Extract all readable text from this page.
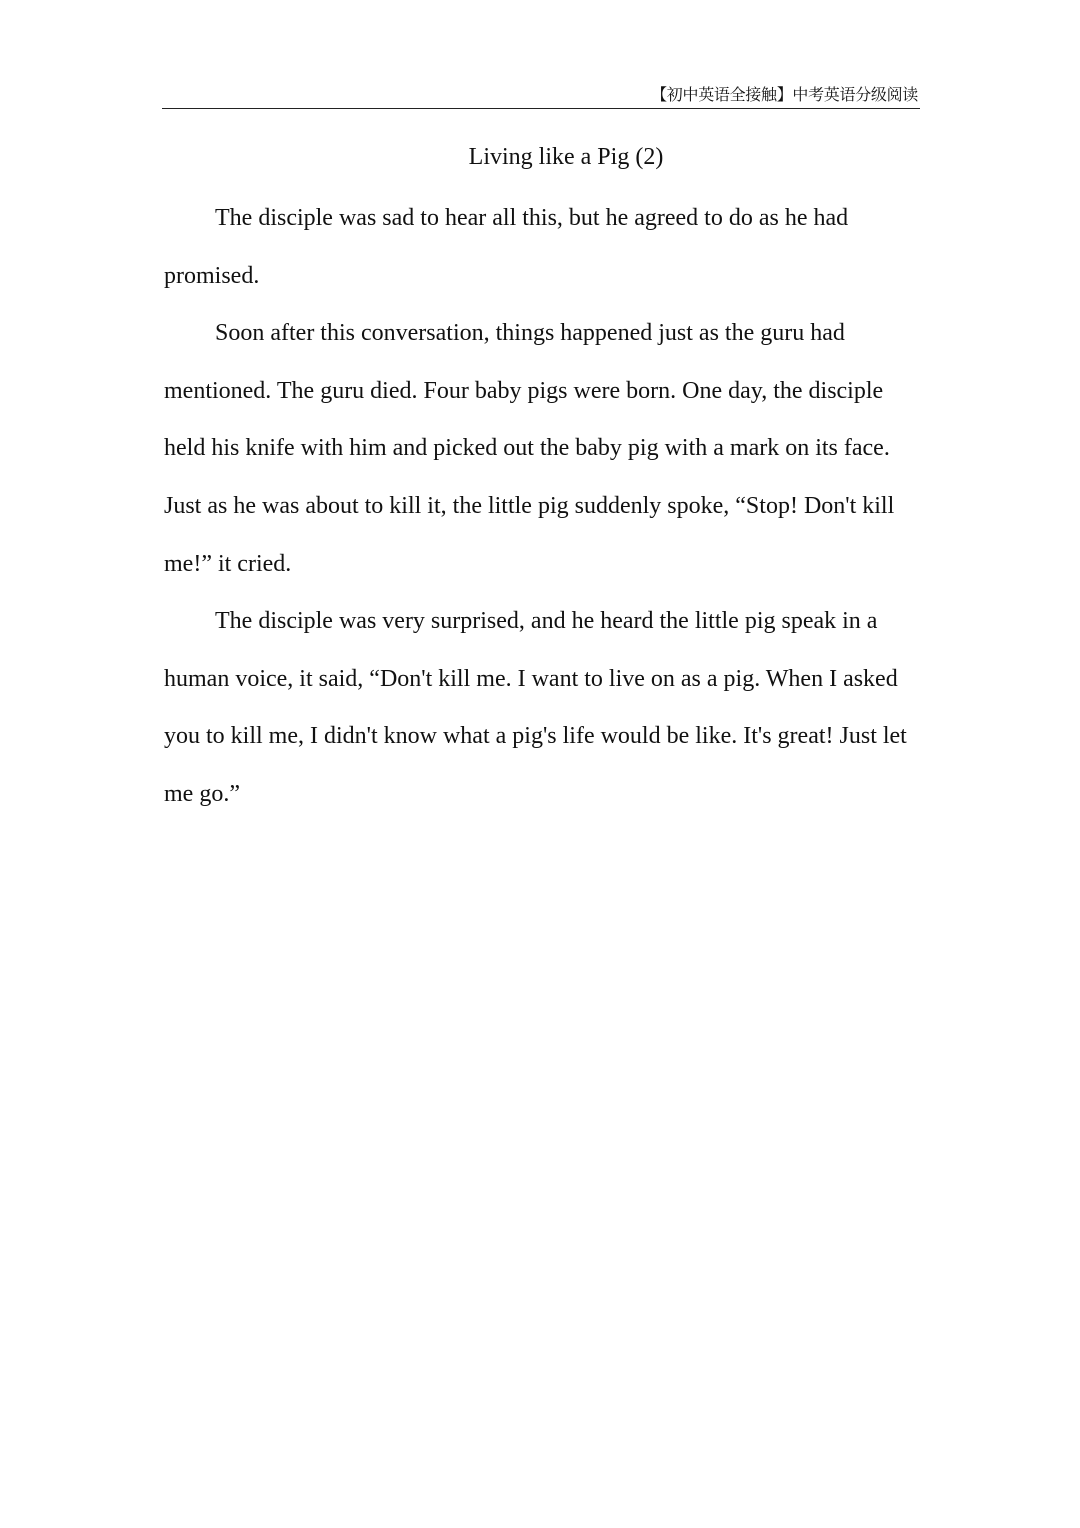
【初中英语全接触】中考英语分级阅读
Living like a Pig (2)

The disciple was sad to hear all this, but he agreed to do as he had promised.

Soon after this conversation, things happened just as the guru had mentioned. The guru died. Four baby pigs were born. One day, the disciple held his knife with him and picked out the baby pig with a mark on its face. Just as he was about to kill it, the little pig suddenly spoke, “Stop! Don't kill me!” it cried.

The disciple was very surprised, and he heard the little pig speak in a human voice, it said, “Don't kill me. I want to live on as a pig. When I asked you to kill me, I didn't know what a pig's life would be like. It's great! Just let me go.”
